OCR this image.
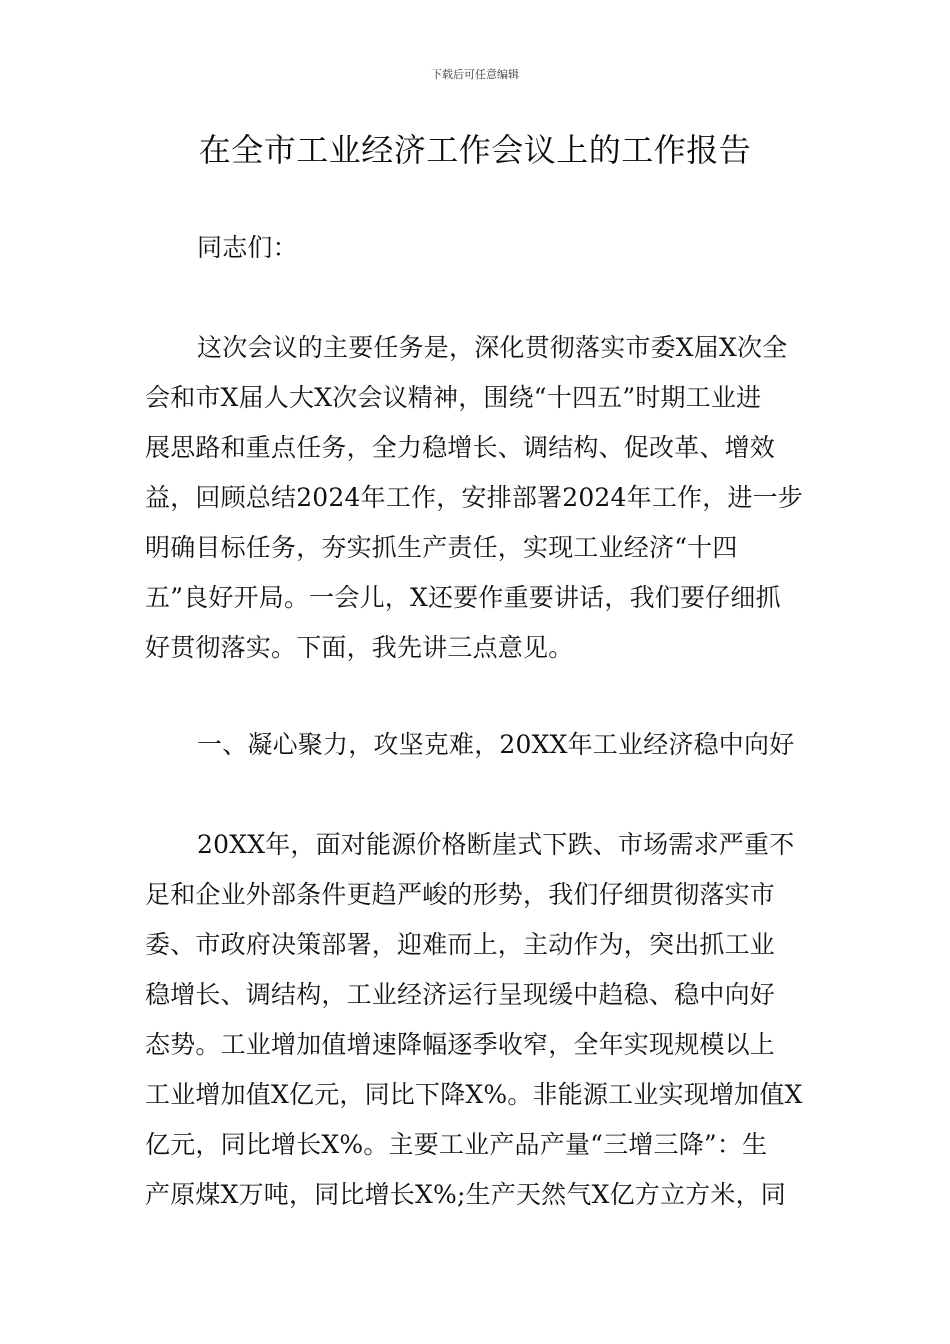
下载后可任意编辑
在全市工业经济工作会议上的工作报告
同志们：
这次会议的主要任务是，深化贯彻落实市委X届X次全
会和市X届人大X次会议精神，围绕“十四五”时期工业进
展思路和重点任务，全力稳增长、调结构、促改革、增效
益，回顾总结2024年工作，安排部署2024年工作，进一步
明确目标任务，夯实抓生产责任，实现工业经济“十四
五”良好开局。一会儿，X还要作重要讲话，我们要仔细抓
好贯彻落实。下面，我先讲三点意见。
一、凝心聚力，攻坚克难，20XX年工业经济稳中向好
20XX年，面对能源价格断崖式下跌、市场需求严重不
足和企业外部条件更趋严峻的形势，我们仔细贯彻落实市
委、市政府决策部署，迎难而上，主动作为，突出抓工业
稳增长、调结构，工业经济运行呈现缓中趋稳、稳中向好
态势。工业增加值增速降幅逐季收窄，全年实现规模以上
工业增加值X亿元，同比下降X%。非能源工业实现增加值X
亿元，同比增长X%。主要工业产品产量“三增三降”：生
产原煤X万吨，同比增长X%;生产天然气X亿方立方米，同
